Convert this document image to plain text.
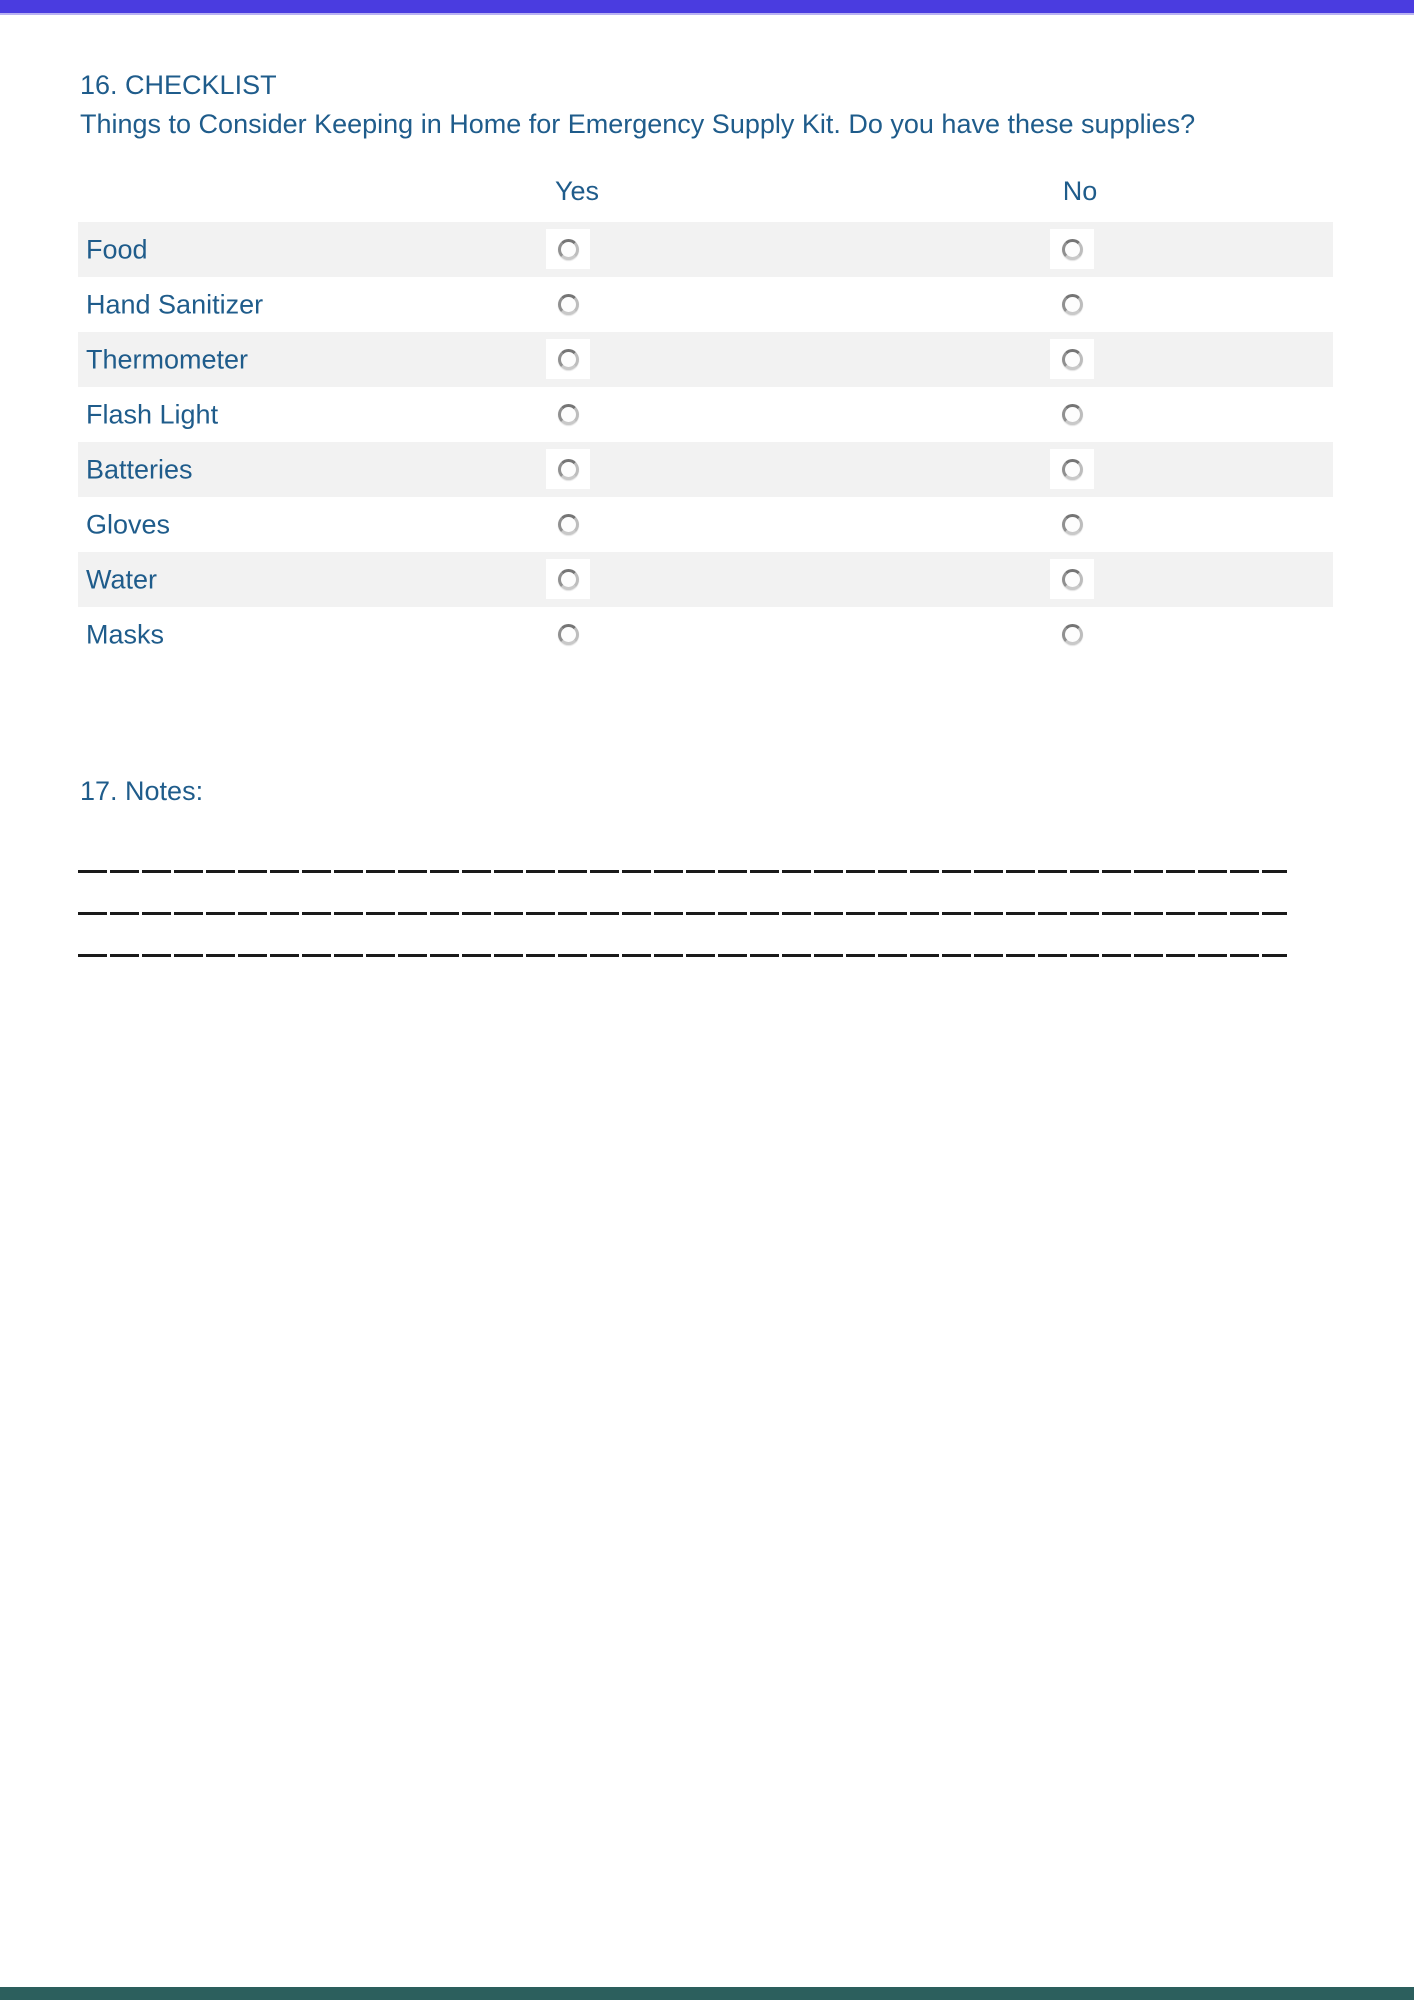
16. CHECKLIST
Things to Consider Keeping in Home for Emergency Supply Kit. Do you have these supplies?
Yes	No
Food
Hand Sanitizer
Thermometer
Flash Light
Batteries
Gloves
Water
Masks
17. Notes:
